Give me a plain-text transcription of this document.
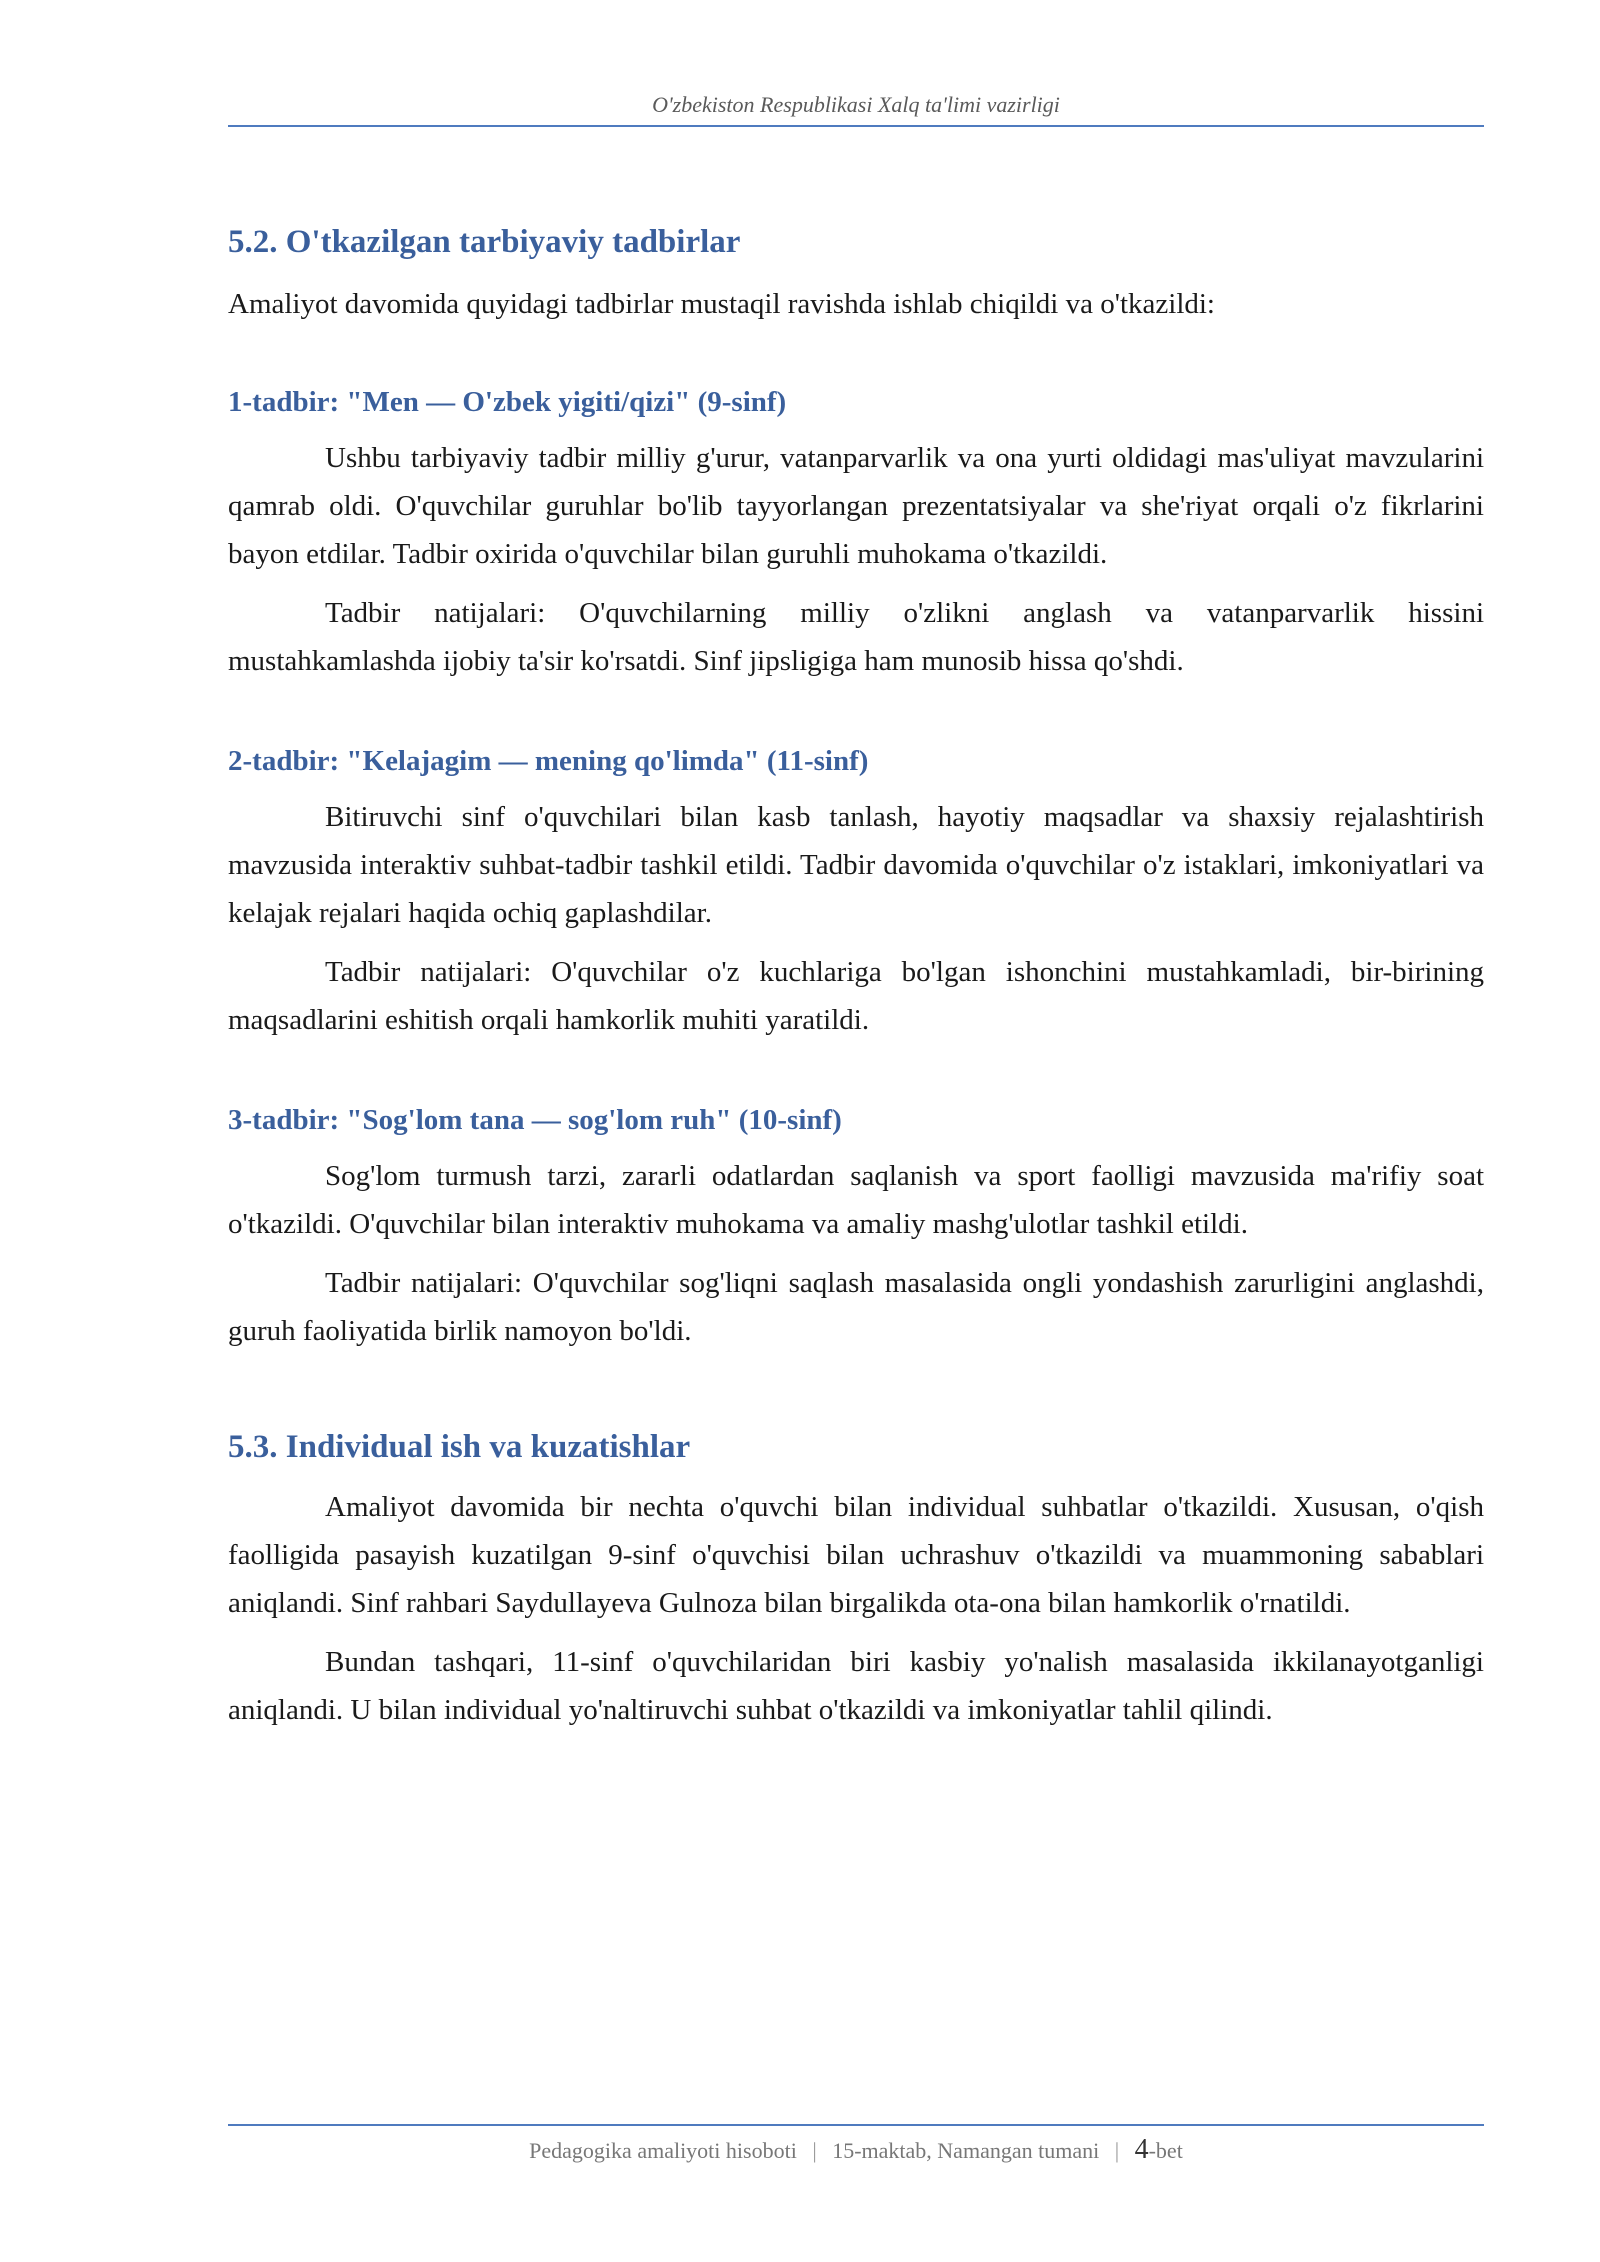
O'zbekiston Respublikasi Xalq ta'limi vazirligi
5.2. O'tkazilgan tarbiyaviy tadbirlar

Amaliyot davomida quyidagi tadbirlar mustaqil ravishda ishlab chiqildi va o'tkazildi:

1-tadbir: "Men — O'zbek yigiti/qizi" (9-sinf)

Ushbu tarbiyaviy tadbir milliy g'urur, vatanparvarlik va ona yurti oldidagi mas'uliyat mavzularini qamrab oldi. O'quvchilar guruhlar bo'lib tayyorlangan prezentatsiyalar va she'riyat orqali o'z fikrlarini bayon etdilar. Tadbir oxirida o'quvchilar bilan guruhli muhokama o'tkazildi.

Tadbir natijalari: O'quvchilarning milliy o'zlikni anglash va vatanparvarlik hissini mustahkamlashda ijobiy ta'sir ko'rsatdi. Sinf jipsligiga ham munosib hissa qo'shdi.

2-tadbir: "Kelajagim — mening qo'limda" (11-sinf)

Bitiruvchi sinf o'quvchilari bilan kasb tanlash, hayotiy maqsadlar va shaxsiy rejalashtirish mavzusida interaktiv suhbat-tadbir tashkil etildi. Tadbir davomida o'quvchilar o'z istaklari, imkoniyatlari va kelajak rejalari haqida ochiq gaplashdilar.

Tadbir natijalari: O'quvchilar o'z kuchlariga bo'lgan ishonchini mustahkamladi, bir-birining maqsadlarini eshitish orqali hamkorlik muhiti yaratildi.

3-tadbir: "Sog'lom tana — sog'lom ruh" (10-sinf)

Sog'lom turmush tarzi, zararli odatlardan saqlanish va sport faolligi mavzusida ma'rifiy soat o'tkazildi. O'quvchilar bilan interaktiv muhokama va amaliy mashg'ulotlar tashkil etildi.

Tadbir natijalari: O'quvchilar sog'liqni saqlash masalasida ongli yondashish zarurligini anglashdi, guruh faoliyatida birlik namoyon bo'ldi.

5.3. Individual ish va kuzatishlar

Amaliyot davomida bir nechta o'quvchi bilan individual suhbatlar o'tkazildi. Xususan, o'qish faolligida pasayish kuzatilgan 9-sinf o'quvchisi bilan uchrashuv o'tkazildi va muammoning sabablari aniqlandi. Sinf rahbari Saydullayeva Gulnoza bilan birgalikda ota-ona bilan hamkorlik o'rnatildi.

Bundan tashqari, 11-sinf o'quvchilaridan biri kasbiy yo'nalish masalasida ikkilanayotganligi aniqlandi. U bilan individual yo'naltiruvchi suhbat o'tkazildi va imkoniyatlar tahlil qilindi.

Pedagogika amaliyoti hisoboti | 15-maktab, Namangan tumani | 4-bet
